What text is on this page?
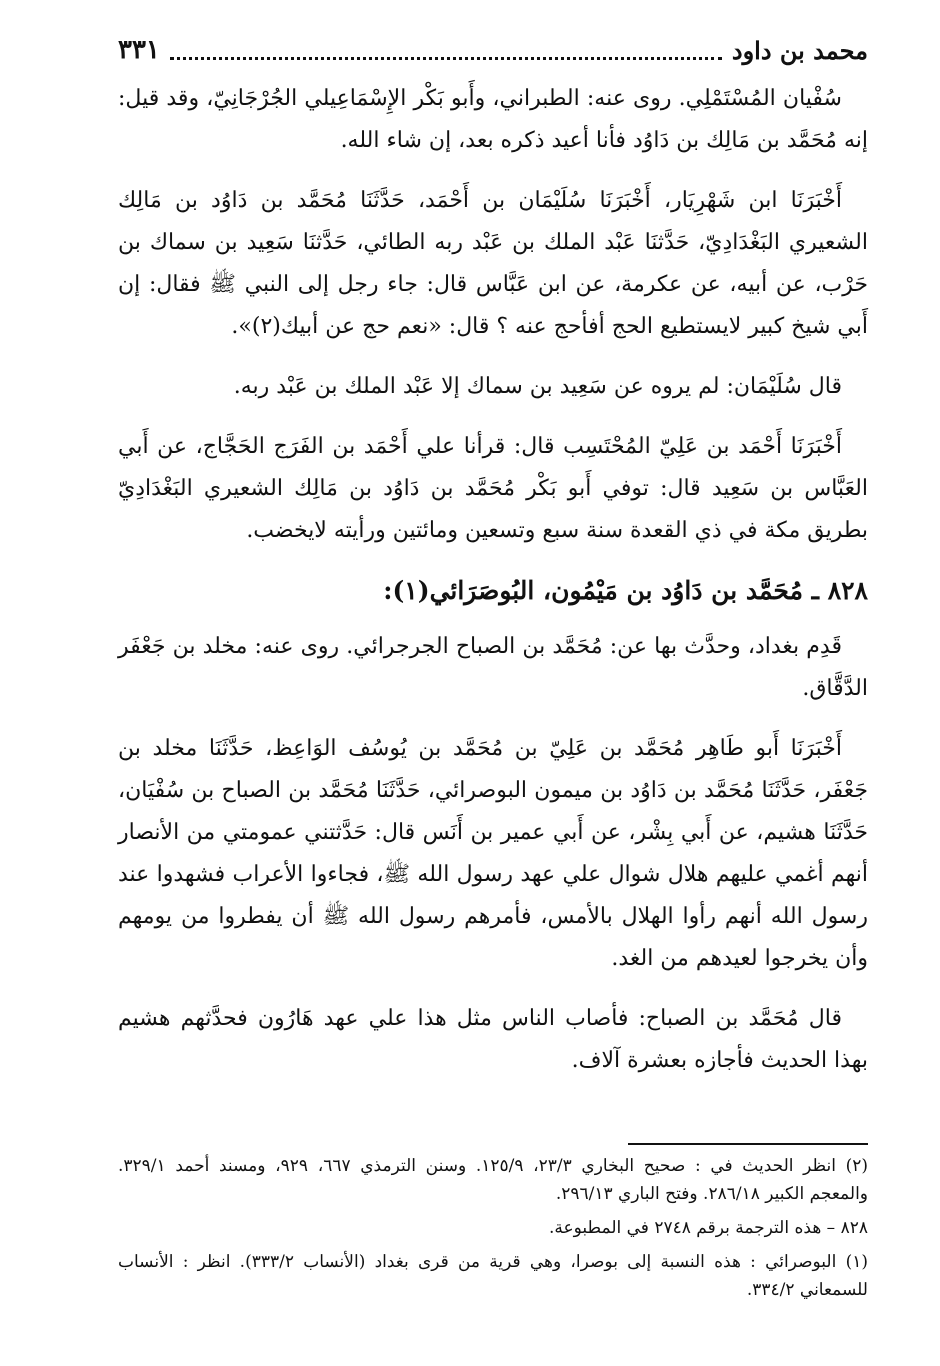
محمد بن داود
٣٣١

سُفْيان المُسْتَمْلِي. روى عنه: الطبراني، وأَبو بَكْر الإِسْمَاعِيلي الجُرْجَانِيّ، وقد قيل: إنه مُحَمَّد بن مَالِك بن دَاوُد فأنا أعيد ذكره بعد، إن شاء الله.

أَخْبَرَنَا ابن شَهْرِيَار، أَخْبَرَنَا سُلَيْمَان بن أَحْمَد، حَدَّثَنَا مُحَمَّد بن دَاوُد بن مَالِك الشعيري البَغْدَادِيّ، حَدَّثنَا عَبْد الملك بن عَبْد ربه الطائي، حَدَّثنَا سَعِيد بن سماك بن حَرْب، عن أبيه، عن عكرمة، عن ابن عَبَّاس قال: جاء رجل إلى النبي ﷺ فقال: إن أَبي شيخ كبير لايستطيع الحج أفأحج عنه ؟ قال: «نعم حج عن أبيك(٢)».

قال سُلَيْمَان: لم يروه عن سَعِيد بن سماك إلا عَبْد الملك بن عَبْد ربه.

أَخْبَرَنَا أَحْمَد بن عَلِيّ المُحْتَسِب قال: قرأنا علي أَحْمَد بن الفَرَج الحَجَّاج، عن أَبي العَبَّاس بن سَعِيد قال: توفي أَبو بَكْر مُحَمَّد بن دَاوُد بن مَالِك الشعيري البَغْدَادِيّ بطريق مكة في ذي القعدة سنة سبع وتسعين ومائتين ورأيته لايخضب.

٨٢٨ ـ مُحَمَّد بن دَاوُد بن مَيْمُون، البُوصَرَائي(١):

قَدِم بغداد، وحدَّث بها عن: مُحَمَّد بن الصباح الجرجرائي. روى عنه: مخلد بن جَعْفَر الدَّقَّاق.

أَخْبَرَنَا أَبو طَاهِر مُحَمَّد بن عَلِيّ بن مُحَمَّد بن يُوسُف الوَاعِظ، حَدَّثَنَا مخلد بن جَعْفَر، حَدَّثَنَا مُحَمَّد بن دَاوُد بن ميمون البوصرائي، حَدَّثَنَا مُحَمَّد بن الصباح بن سُفْيَان، حَدَّثَنَا هشيم، عن أَبي بِشْر، عن أَبي عمير بن أَنَس قال: حَدَّثتني عمومتي من الأنصار أنهم أغمي عليهم هلال شوال علي عهد رسول الله ﷺ، فجاءوا الأعراب فشهدوا عند رسول الله أنهم رأوا الهلال بالأمس، فأمرهم رسول الله ﷺ أن يفطروا من يومهم وأن يخرجوا لعيدهم من الغد.

قال مُحَمَّد بن الصباح: فأصاب الناس مثل هذا علي عهد هَارُون فحدَّثهم هشيم بهذا الحديث فأجازه بعشرة آلاف.

(٢) انظر الحديث في : صحيح البخاري ٢٣/٣، ١٢٥/٩. وسنن الترمذي ٦٦٧، ٩٢٩، ومسند أحمد ٣٢٩/١. والمعجم الكبير ٢٨٦/١٨. وفتح الباري ٢٩٦/١٣.

٨٢٨ – هذه الترجمة برقم ٢٧٤٨ في المطبوعة.

(١) البوصرائي : هذه النسبة إلى بوصرا، وهي قرية من قرى بغداد (الأنساب ٣٣٣/٢). انظر : الأنساب للسمعاني ٣٣٤/٢.
